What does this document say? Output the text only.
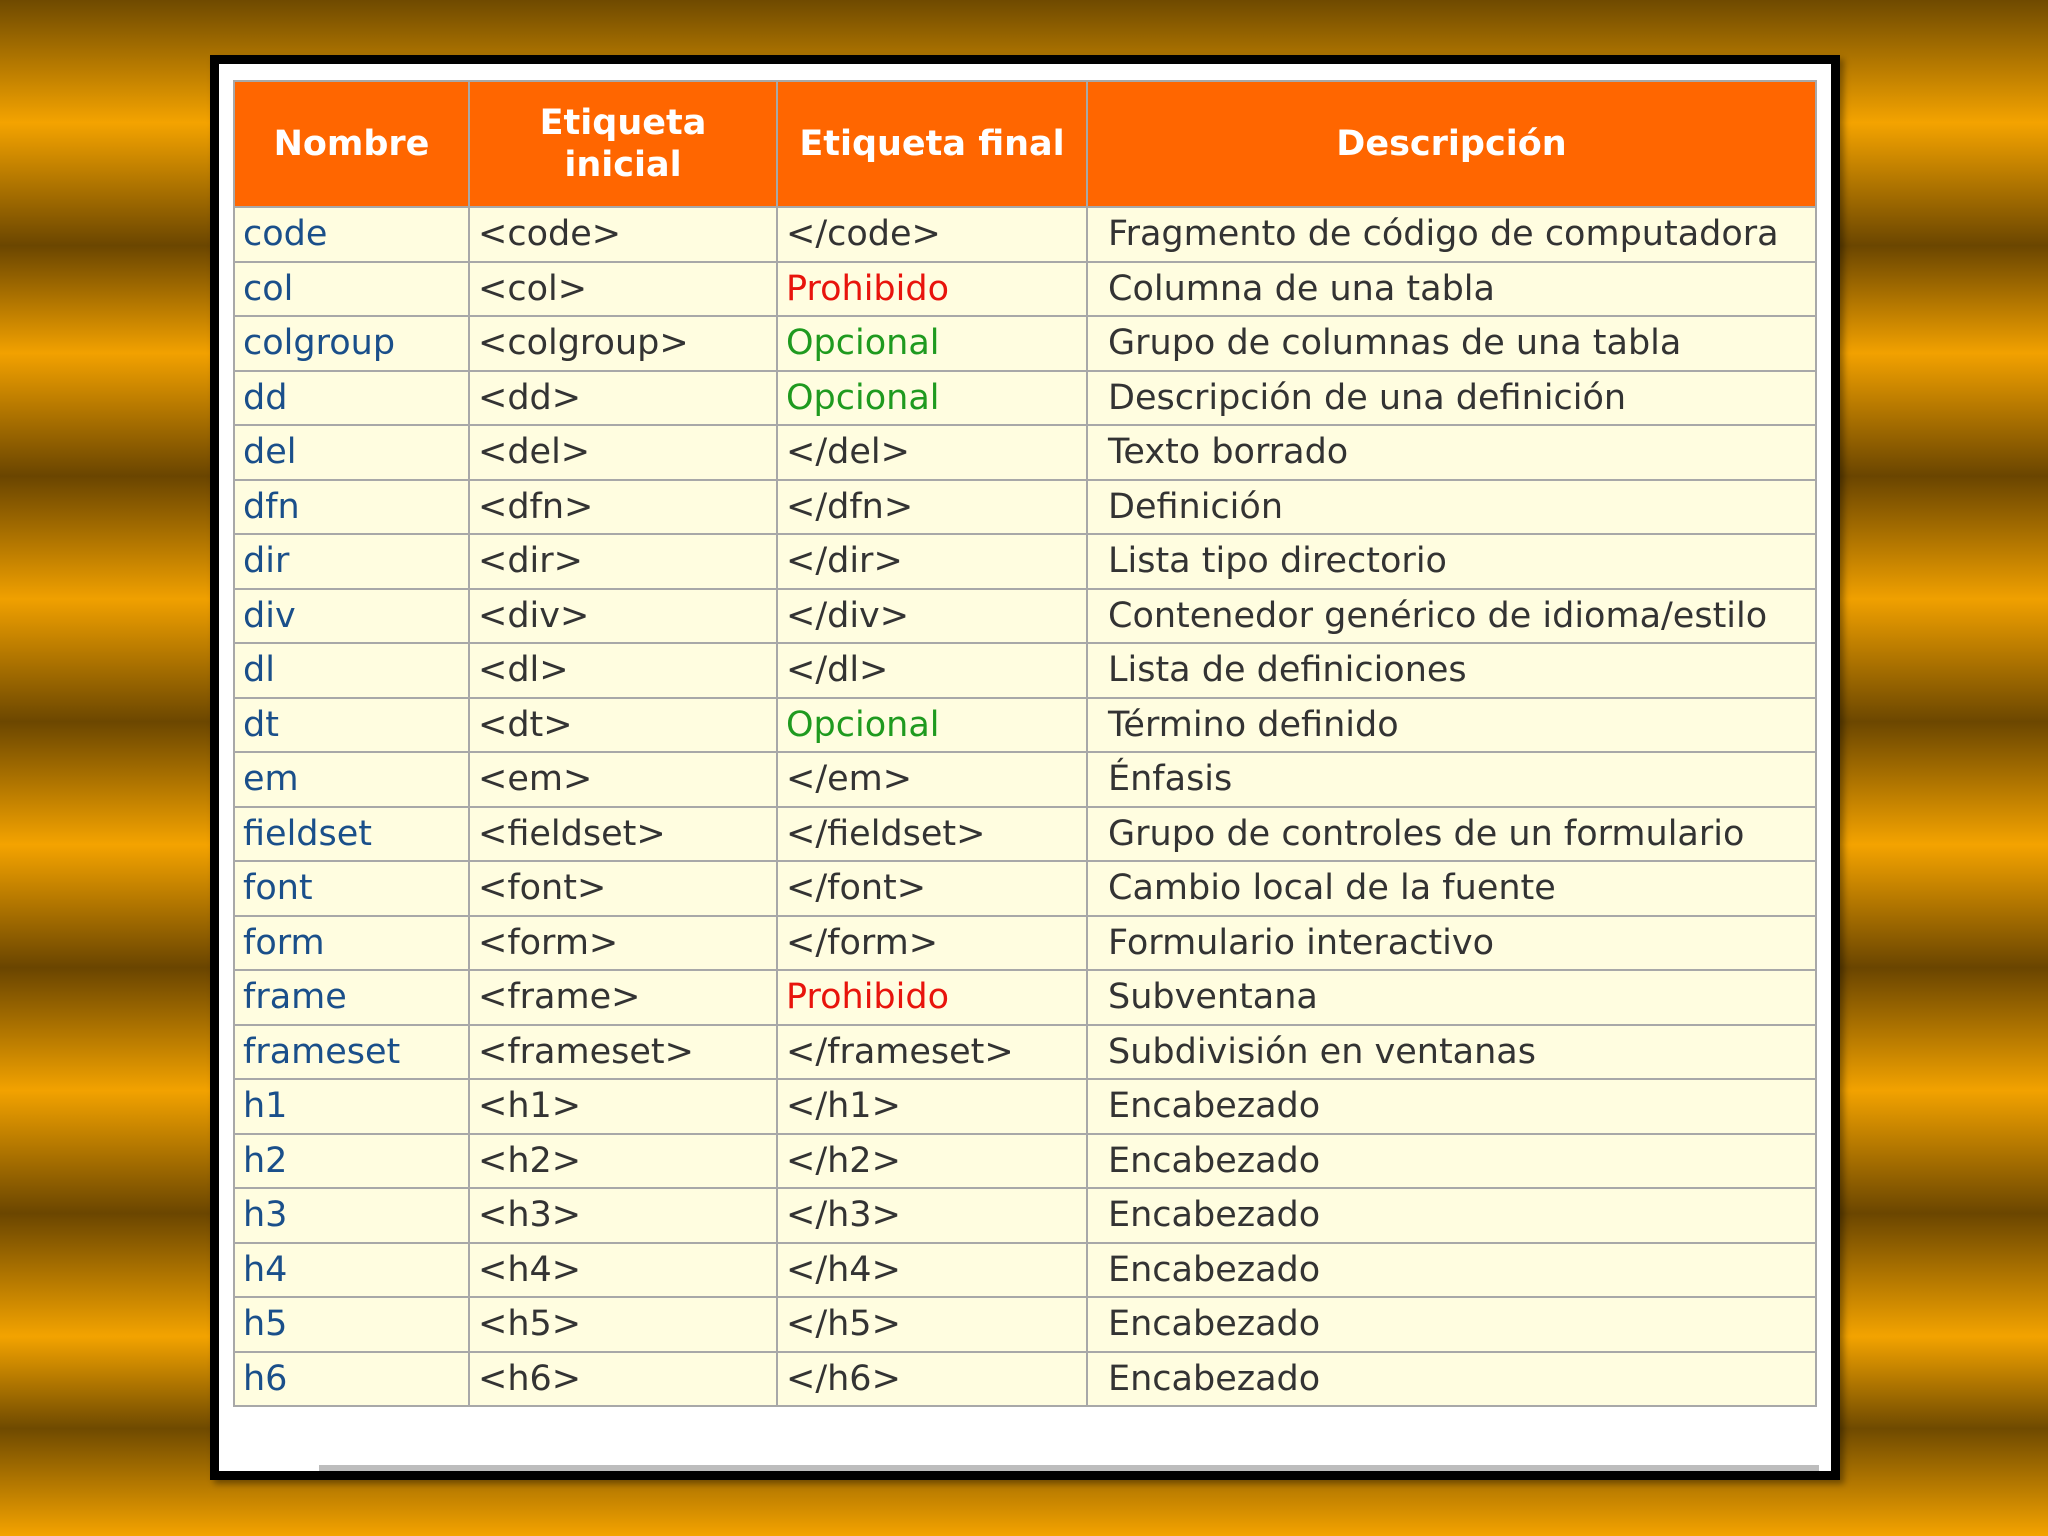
Nombre	Etiqueta inicial	Etiqueta final	Descripción
code	<code>	</code>	Fragmento de código de computadora
col	<col>	Prohibido	Columna de una tabla
colgroup	<colgroup>	Opcional	Grupo de columnas de una tabla
dd	<dd>	Opcional	Descripción de una definición
del	<del>	</del>	Texto borrado
dfn	<dfn>	</dfn>	Definición
dir	<dir>	</dir>	Lista tipo directorio
div	<div>	</div>	Contenedor genérico de idioma/estilo
dl	<dl>	</dl>	Lista de definiciones
dt	<dt>	Opcional	Término definido
em	<em>	</em>	Énfasis
fieldset	<fieldset>	</fieldset>	Grupo de controles de un formulario
font	<font>	</font>	Cambio local de la fuente
form	<form>	</form>	Formulario interactivo
frame	<frame>	Prohibido	Subventana
frameset	<frameset>	</frameset>	Subdivisión en ventanas
h1	<h1>	</h1>	Encabezado
h2	<h2>	</h2>	Encabezado
h3	<h3>	</h3>	Encabezado
h4	<h4>	</h4>	Encabezado
h5	<h5>	</h5>	Encabezado
h6	<h6>	</h6>	Encabezado
